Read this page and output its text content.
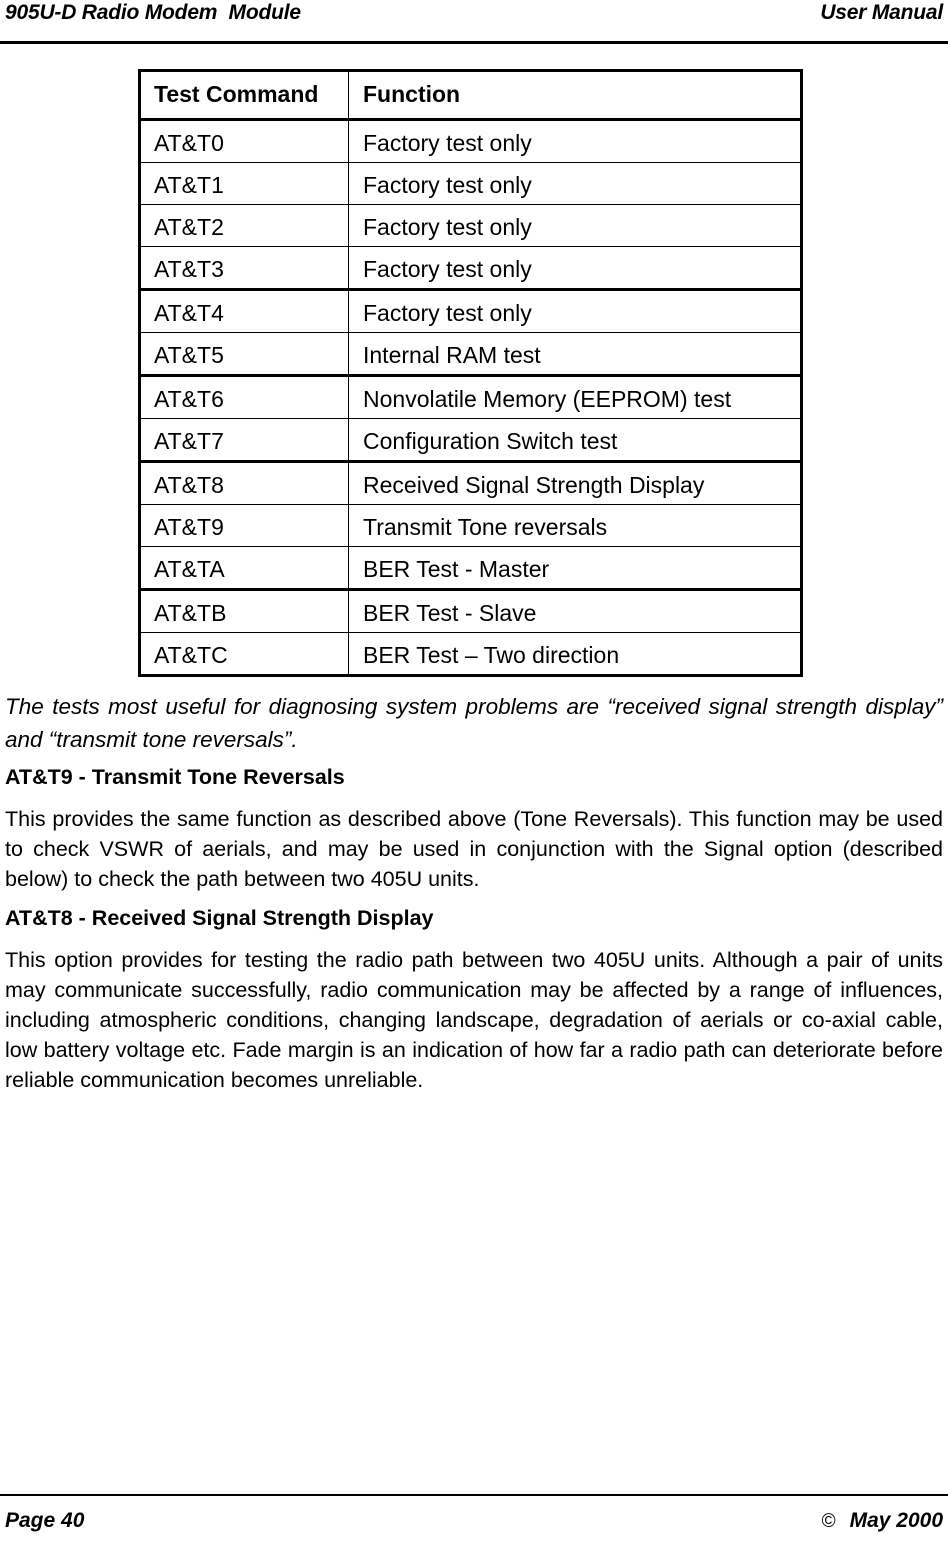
905U-D Radio Modem  Module	User Manual
Test Command	Function

AT&T0	Factory test only

AT&T1	Factory test only

AT&T2	Factory test only

AT&T3	Factory test only

AT&T4	Factory test only

AT&T5	Internal RAM test

AT&T6	Nonvolatile Memory (EEPROM) test

AT&T7	Configuration Switch test

AT&T8	Received Signal Strength Display

AT&T9	Transmit Tone reversals

AT&TA	BER Test - Master

AT&TB	BER Test - Slave

AT&TC	BER Test – Two direction

The tests most useful for diagnosing system problems are “received signal strength display” and “transmit tone reversals”.

AT&T9 - Transmit Tone Reversals

This provides the same function as described above (Tone Reversals). This function may be used to check VSWR of aerials, and may be used in conjunction with the Signal option (described below) to check the path between two 405U units.

AT&T8 - Received Signal Strength Display

This option provides for testing the radio path between two 405U units. Although a pair of units may communicate successfully, radio communication may be affected by a range of influences, including atmospheric conditions, changing landscape, degradation of aerials or co-axial cable, low battery voltage etc. Fade margin is an indication of how far a radio path can deteriorate before reliable communication becomes unreliable.

Page 40	© May 2000
